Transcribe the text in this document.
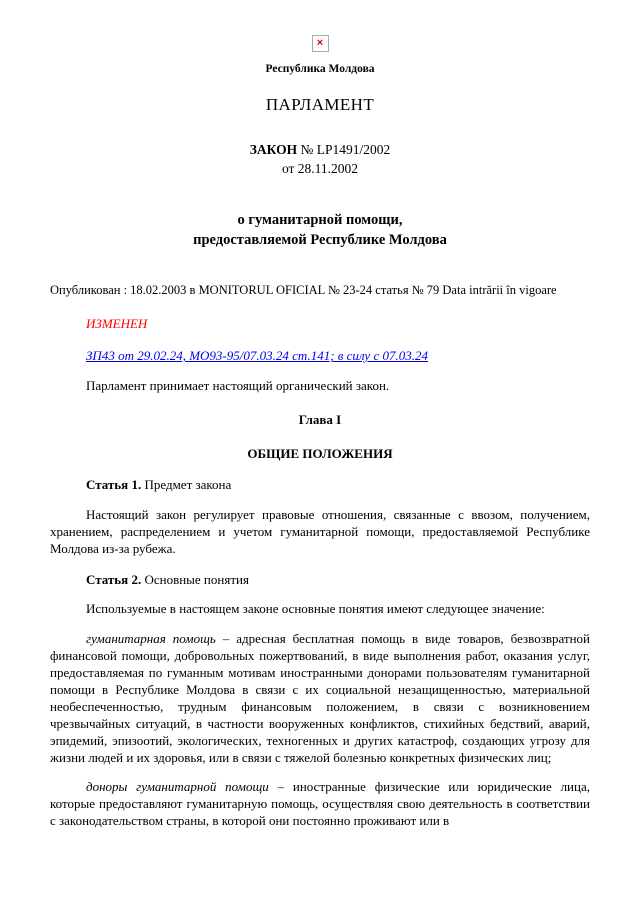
×
Республика Молдова
ПАРЛАМЕНТ
ЗАКОН № LP1491/2002
от 28.11.2002
о гуманитарной помощи,
предоставляемой Республике Молдова
Опубликован : 18.02.2003 в MONITORUL OFICIAL № 23-24 статья № 79 Data intrării în vigoare
ИЗМЕНЕН
ЗП43 от 29.02.24, МО93-95/07.03.24 ст.141; в силу с 07.03.24

Парламент принимает настоящий органический закон.

Глава I
ОБЩИЕ ПОЛОЖЕНИЯ

Статья 1. Предмет закона

Настоящий закон регулирует правовые отношения, связанные с ввозом, получением, хранением, распределением и учетом гуманитарной помощи, предоставляемой Республике Молдова из-за рубежа.

Статья 2. Основные понятия

Используемые в настоящем законе основные понятия имеют следующее значение:

гуманитарная помощь – адресная бесплатная помощь в виде товаров, безвозвратной финансовой помощи, добровольных пожертвований, в виде выполнения работ, оказания услуг, предоставляемая по гуманным мотивам иностранными донорами пользователям гуманитарной помощи в Республике Молдова в связи с их социальной незащищенностью, материальной необеспеченностью, трудным финансовым положением, в связи с возникновением чрезвычайных ситуаций, в частности вооруженных конфликтов, стихийных бедствий, аварий, эпидемий, эпизоотий, экологических, техногенных и других катастроф, создающих угрозу для жизни людей и их здоровья, или в связи с тяжелой болезнью конкретных физических лиц;

доноры гуманитарной помощи – иностранные физические или юридические лица, которые предоставляют гуманитарную помощь, осуществляя свою деятельность в соответствии с законодательством страны, в которой они постоянно проживают или в
